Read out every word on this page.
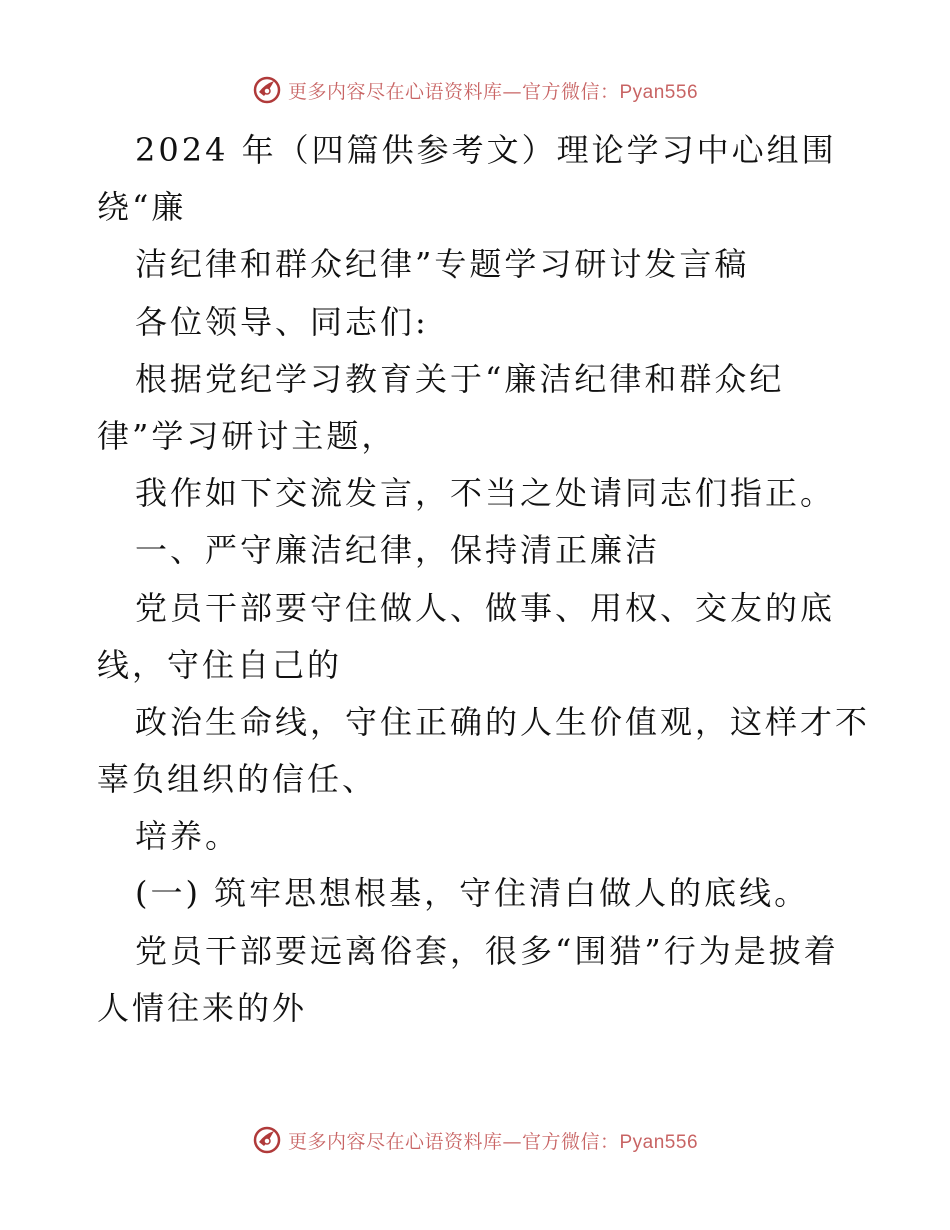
更多内容尽在心语资料库—官方微信：Pyan556
2024 年（四篇供参考文）理论学习中心组围
绕“廉
洁纪律和群众纪律”专题学习研讨发言稿
各位领导、同志们:
根据党纪学习教育关于“廉洁纪律和群众纪
律”学习研讨主题，
我作如下交流发言，不当之处请同志们指正。
一、严守廉洁纪律，保持清正廉洁
党员干部要守住做人、做事、用权、交友的底
线，守住自己的
政治生命线，守住正确的人生价值观，这样才不
辜负组织的信任、
培养。
(一) 筑牢思想根基，守住清白做人的底线。
党员干部要远离俗套，很多“围猎”行为是披着
人情往来的外
更多内容尽在心语资料库—官方微信：Pyan556
